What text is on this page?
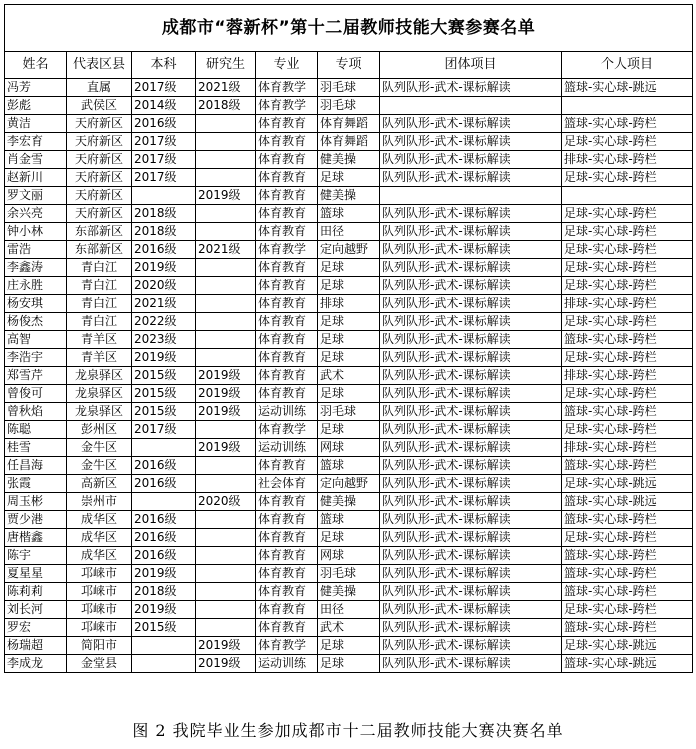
成都市“蓉新杯”第十二届教师技能大赛参赛名单							
姓名	代表区县	本科	研究生	专业	专项	团体项目	个人项目
冯芳	直属	2017级	2021级	体育教学	羽毛球	队列队形-武术-课标解读	篮球-实心球-跳远
彭彪	武侯区	2014级	2018级	体育教学	羽毛球		
黄洁	天府新区	2016级		体育教育	体育舞蹈	队列队形-武术-课标解读	篮球-实心球-跨栏
李宏育	天府新区	2017级		体育教育	体育舞蹈	队列队形-武术-课标解读	足球-实心球-跨栏
肖金雪	天府新区	2017级		体育教育	健美操	队列队形-武术-课标解读	排球-实心球-跨栏
赵新川	天府新区	2017级		体育教育	足球	队列队形-武术-课标解读	足球-实心球-跨栏
罗文丽	天府新区		2019级	体育教育	健美操		
余兴亮	天府新区	2018级		体育教育	篮球	队列队形-武术-课标解读	足球-实心球-跨栏
钟小林	东部新区	2018级		体育教育	田径	队列队形-武术-课标解读	足球-实心球-跨栏
雷浩	东部新区	2016级	2021级	体育教学	定向越野	队列队形-武术-课标解读	足球-实心球-跨栏
李鑫涛	青白江	2019级		体育教育	足球	队列队形-武术-课标解读	足球-实心球-跨栏
庄永胜	青白江	2020级		体育教育	足球	队列队形-武术-课标解读	足球-实心球-跨栏
杨安琪	青白江	2021级		体育教育	排球	队列队形-武术-课标解读	排球-实心球-跨栏
杨俊杰	青白江	2022级		体育教育	足球	队列队形-武术-课标解读	足球-实心球-跨栏
高智	青羊区	2023级		体育教育	足球	队列队形-武术-课标解读	篮球-实心球-跨栏
李浩宇	青羊区	2019级		体育教育	足球	队列队形-武术-课标解读	足球-实心球-跨栏
郑雪芹	龙泉驿区	2015级	2019级	体育教育	武术	队列队形-武术-课标解读	排球-实心球-跨栏
曾俊可	龙泉驿区	2015级	2019级	体育教育	足球	队列队形-武术-课标解读	足球-实心球-跨栏
曾秋焰	龙泉驿区	2015级	2019级	运动训练	羽毛球	队列队形-武术-课标解读	篮球-实心球-跨栏
陈聪	彭州区	2017级		体育教学	足球	队列队形-武术-课标解读	足球-实心球-跨栏
桂雪	金牛区		2019级	运动训练	网球	队列队形-武术-课标解读	排球-实心球-跨栏
任昌海	金牛区	2016级		体育教育	篮球	队列队形-武术-课标解读	篮球-实心球-跨栏
张霞	高新区	2016级		社会体育	定向越野	队列队形-武术-课标解读	足球-实心球-跳远
周玉彬	崇州市		2020级	体育教育	健美操	队列队形-武术-课标解读	篮球-实心球-跳远
贾少港	成华区	2016级		体育教育	篮球	队列队形-武术-课标解读	篮球-实心球-跨栏
唐楷鑫	成华区	2016级		体育教育	足球	队列队形-武术-课标解读	足球-实心球-跨栏
陈宇	成华区	2016级		体育教育	网球	队列队形-武术-课标解读	篮球-实心球-跨栏
夏星星	邛崃市	2019级		体育教育	羽毛球	队列队形-武术-课标解读	篮球-实心球-跨栏
陈莉莉	邛崃市	2018级		体育教育	健美操	队列队形-武术-课标解读	篮球-实心球-跨栏
刘长河	邛崃市	2019级		体育教育	田径	队列队形-武术-课标解读	足球-实心球-跨栏
罗宏	邛崃市	2015级		体育教育	武术	队列队形-武术-课标解读	篮球-实心球-跨栏
杨瑞超	简阳市		2019级	体育教学	足球	队列队形-武术-课标解读	足球-实心球-跳远
李成龙	金堂县		2019级	运动训练	足球	队列队形-武术-课标解读	篮球-实心球-跳远
图 2 我院毕业生参加成都市十二届教师技能大赛决赛名单
